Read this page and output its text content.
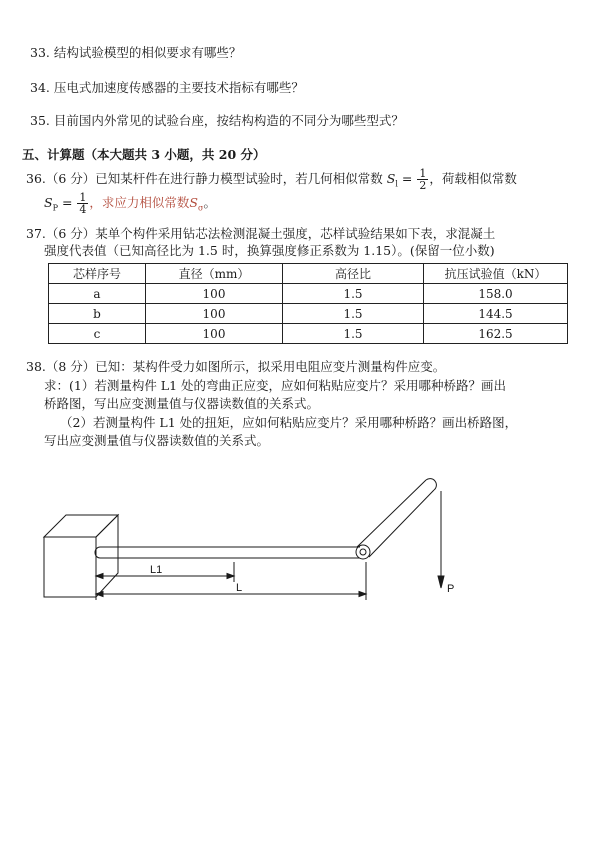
33. 结构试验模型的相似要求有哪些？
34. 压电式加速度传感器的主要技术指标有哪些？
35. 目前国内外常见的试验台座，按结构构造的不同分为哪些型式？
五、计算题（本大题共 3 小题，共 20 分）
36.（6 分）已知某杆件在进行静力模型试验时，若几何相似常数 $S_l = \frac{1}{2}$ ，荷载相似常数
$S_P = \frac{1}{4}$ ，求应力相似常数$S_\sigma$。
37.（6 分）某单个构件采用钻芯法检测混凝土强度，芯样试验结果如下表，求混凝土
强度代表值（已知高径比为 1.5 时，换算强度修正系数为 1.15）。(保留一位小数)
芯样序号	直径（mm）	高径比	抗压试验值（kN）
a	100	1.5	158.0
b	100	1.5	144.5
c	100	1.5	162.5
38.（8 分）已知：某构件受力如图所示，拟采用电阻应变片测量构件应变。
求：(1）若测量构件 L1 处的弯曲正应变，应如何粘贴应变片？采用哪种桥路？画出
桥路图，写出应变测量值与仪器读数值的关系式。
（2）若测量构件 L1 处的扭矩，应如何粘贴应变片？采用哪种桥路？画出桥路图，
写出应变测量值与仪器读数值的关系式。
L1
L	P
